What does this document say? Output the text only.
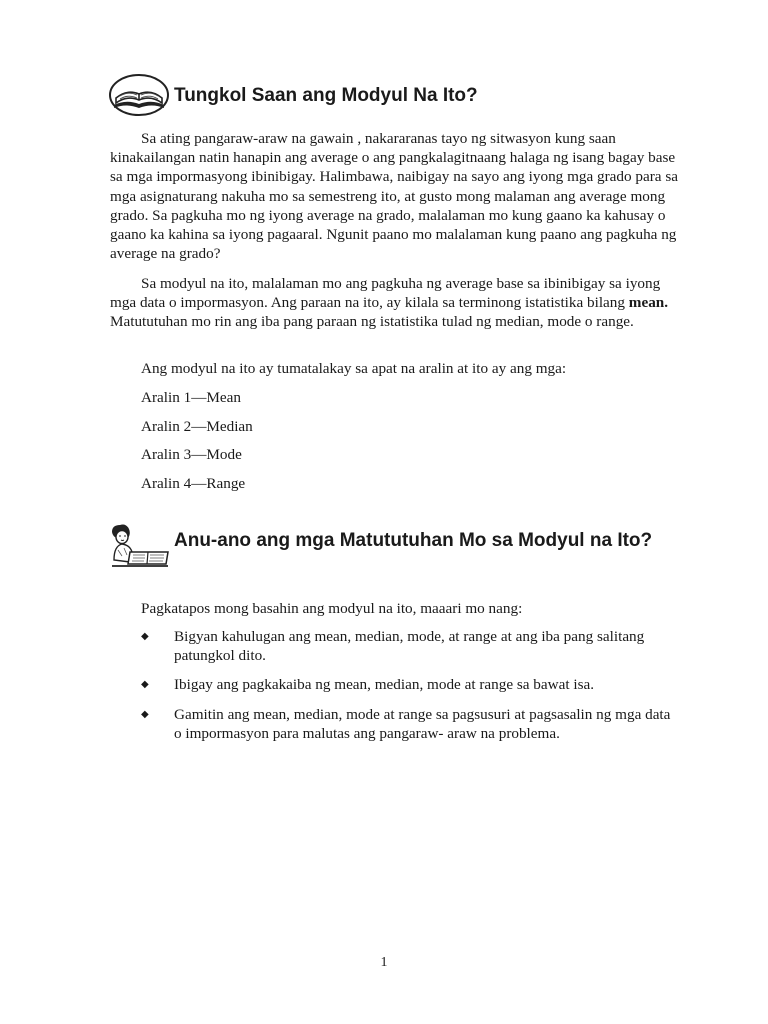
Tungkol Saan ang Modyul Na Ito?

Sa ating pangaraw-araw na gawain , nakararanas tayo ng sitwasyon kung saan kinakailangan natin hanapin ang average o ang pangkalagitnaang halaga ng isang bagay base sa mga impormasyong ibinibigay. Halimbawa, naibigay na sayo ang iyong mga grado para sa mga asignaturang nakuha mo sa semestreng ito, at gusto mong malaman ang average mong grado. Sa pagkuha mo ng iyong average na grado, malalaman mo kung gaano ka kahusay o gaano ka kahina sa iyong pagaaral. Ngunit paano mo malalaman kung paano ang pagkuha ng average na grado?

Sa modyul na ito, malalaman mo ang pagkuha ng average base sa ibinibigay sa iyong mga data o impormasyon. Ang paraan na ito, ay kilala sa terminong istatistika bilang mean. Matututuhan mo rin ang iba pang paraan ng istatistika tulad ng median, mode o range.

Ang modyul na ito ay tumatalakay sa apat na aralin at ito ay ang mga:
Aralin 1—Mean
Aralin 2—Median
Aralin 3—Mode
Aralin 4—Range
Anu-ano ang mga Matututuhan Mo sa Modyul na Ito?
Pagkatapos mong basahin ang modyul na ito, maaari mo nang:
◆ Bigyan kahulugan ang mean, median, mode, at range at ang iba pang salitang patungkol dito.
◆ Ibigay ang pagkakaiba ng mean, median, mode at range sa bawat isa.
◆ Gamitin ang mean, median, mode at range sa pagsusuri at pagsasalin ng mga data o impormasyon para malutas ang pangaraw- araw na problema.
1
